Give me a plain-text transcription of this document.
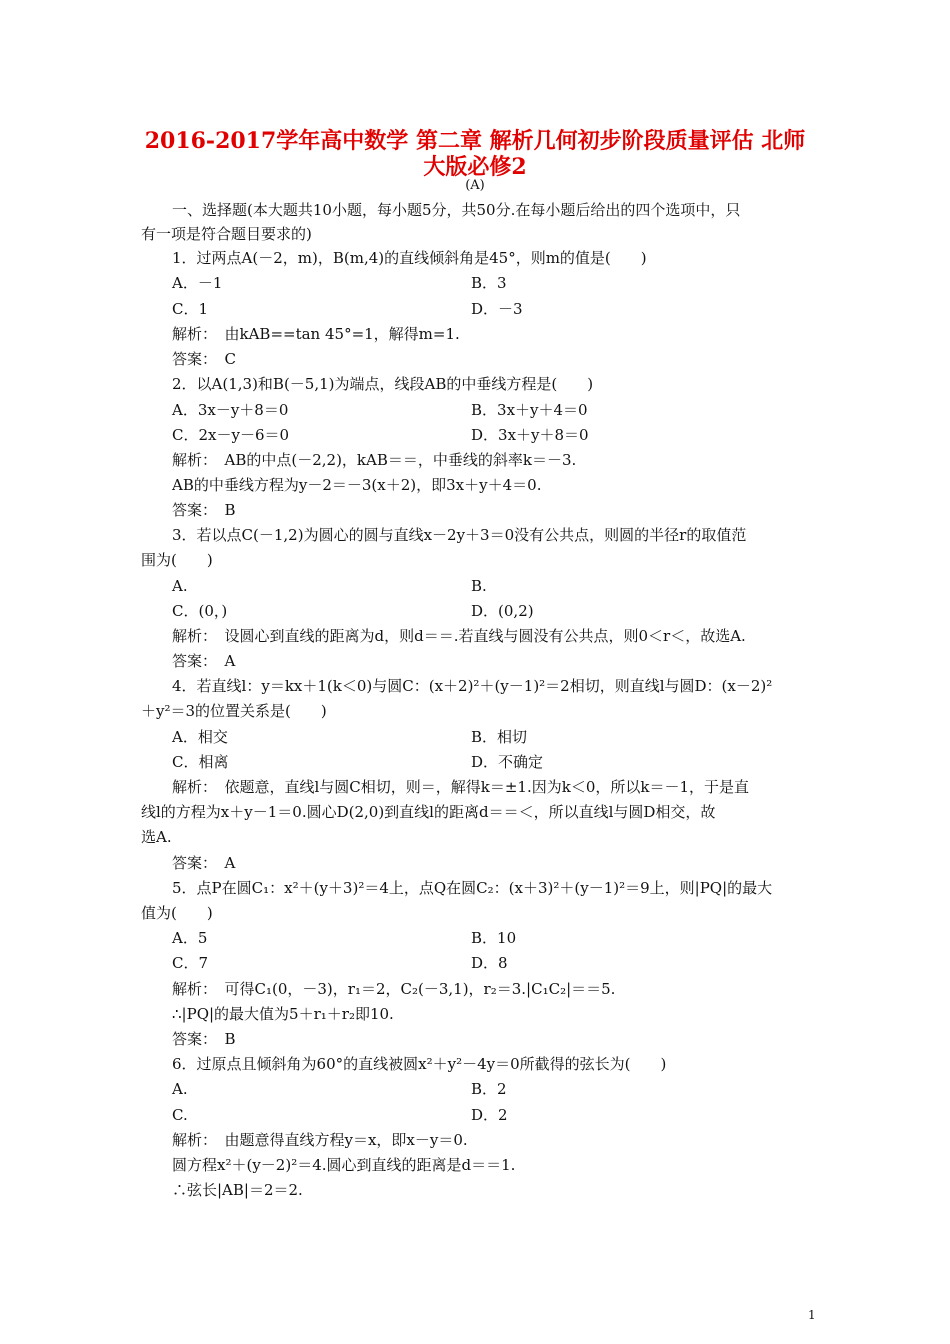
2016-2017学年高中数学 第二章 解析几何初步阶段质量评估 北师
大版必修2
(A)
一、选择题(本大题共10小题，每小题5分，共50分.在每小题后给出的四个选项中，只
有一项是符合题目要求的)
1．过两点A(－2，m)，B(m,4)的直线倾斜角是45°，则m的值是(　　)
A．－1	B．3
C．1	D．－3
解析：　由kAB==tan 45°=1，解得m=1.
答案：　C
2．以A(1,3)和B(－5,1)为端点，线段AB的中垂线方程是(　　)
A．3x－y＋8＝0	B．3x＋y＋4＝0
C．2x－y－6＝0	D．3x＋y＋8＝0
解析：　AB的中点(－2,2)，kAB＝＝，中垂线的斜率k＝－3.
AB的中垂线方程为y－2＝－3(x＋2)，即3x＋y＋4＝0.
答案：　B
3．若以点C(－1,2)为圆心的圆与直线x－2y＋3＝0没有公共点，则圆的半径r的取值范
围为(　　)
A.	B.
C．(0，)	D．(0,2)
解析：　设圆心到直线的距离为d，则d＝＝.若直线与圆没有公共点，则0＜r＜，故选A.
答案：　A
4．若直线l：y＝kx＋1(k＜0)与圆C：(x＋2)²＋(y－1)²＝2相切，则直线l与圆D：(x－2)²
＋y²＝3的位置关系是(　　)
A．相交	B．相切
C．相离	D．不确定
解析：　依题意，直线l与圆C相切，则＝，解得k＝±1.因为k＜0，所以k＝－1，于是直
线l的方程为x＋y－1＝0.圆心D(2,0)到直线l的距离d＝＝＜，所以直线l与圆D相交，故
选A.
答案：　A
5．点P在圆C₁：x²＋(y＋3)²＝4上，点Q在圆C₂：(x＋3)²＋(y－1)²＝9上，则|PQ|的最大
值为(　　)
A．5	B．10
C．7	D．8
解析：　可得C₁(0，－3)，r₁＝2，C₂(－3,1)，r₂＝3.|C₁C₂|＝＝5.
∴|PQ|的最大值为5＋r₁＋r₂即10.
答案：　B
6．过原点且倾斜角为60°的直线被圆x²＋y²－4y＝0所截得的弦长为(　　)
A.	B．2
C.	D．2
解析：　由题意得直线方程y＝x，即x－y＝0.
圆方程x²＋(y－2)²＝4.圆心到直线的距离是d＝＝1.
∴弦长|AB|＝2＝2.
1
